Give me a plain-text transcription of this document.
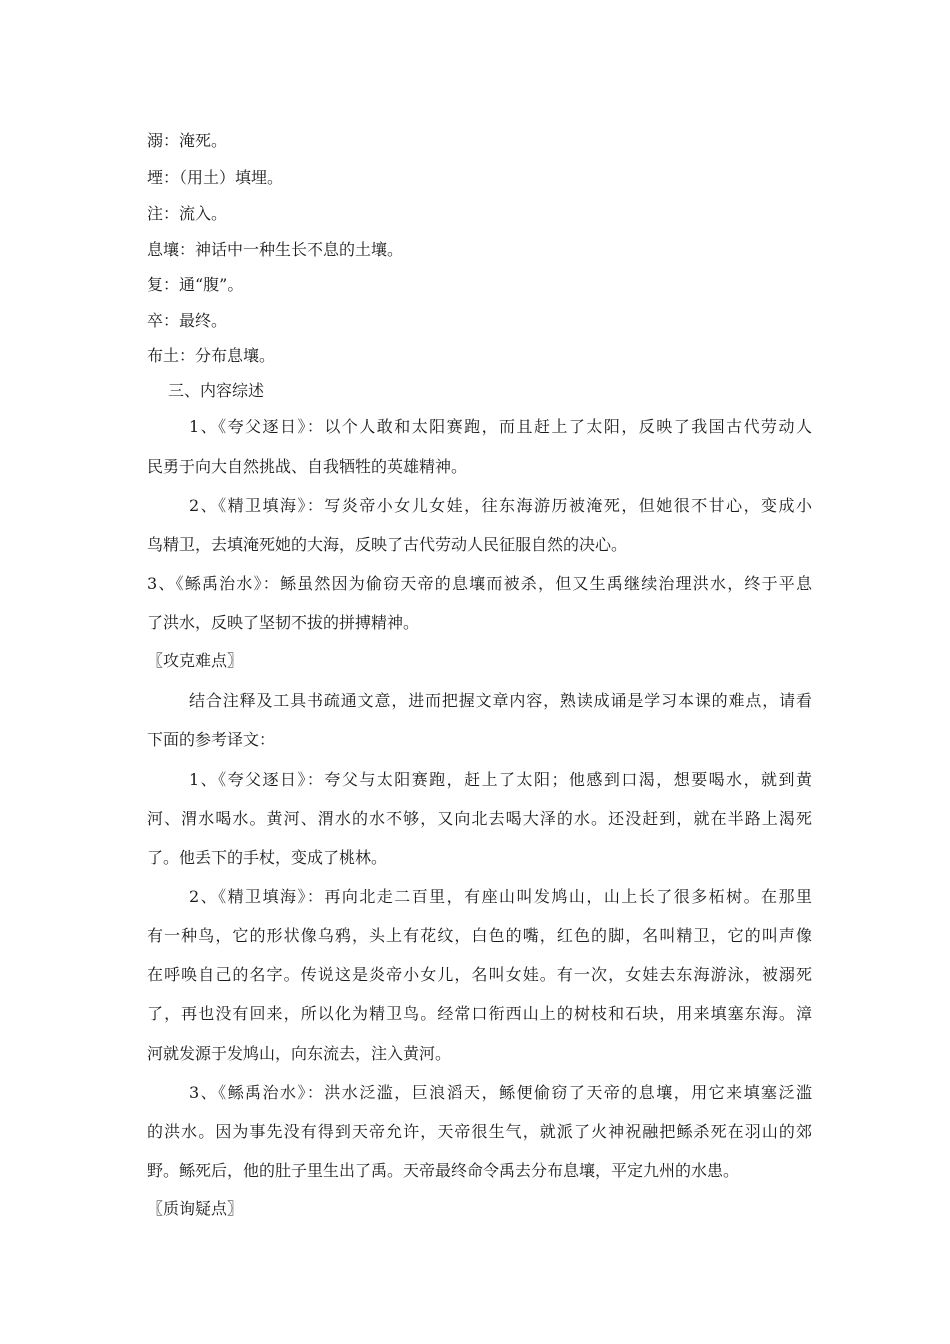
溺：淹死。
堙：（用土）填埋。
注：流入。
息壤：神话中一种生长不息的土壤。
复：通“腹”。
卒：最终。
布土：分布息壤。
三、内容综述
1、《夸父逐日》：以个人敢和太阳赛跑，而且赶上了太阳，反映了我国古代劳动人
民勇于向大自然挑战、自我牺牲的英雄精神。
2、《精卫填海》：写炎帝小女儿女娃，往东海游历被淹死，但她很不甘心，变成小
鸟精卫，去填淹死她的大海，反映了古代劳动人民征服自然的决心。
3、《鲧禹治水》：鲧虽然因为偷窃天帝的息壤而被杀，但又生禹继续治理洪水，终于平息
了洪水，反映了坚韧不拔的拼搏精神。
〖攻克难点〗
结合注释及工具书疏通文意，进而把握文章内容，熟读成诵是学习本课的难点，请看
下面的参考译文：
1、《夸父逐日》：夸父与太阳赛跑，赶上了太阳；他感到口渴，想要喝水，就到黄
河、渭水喝水。黄河、渭水的水不够，又向北去喝大泽的水。还没赶到，就在半路上渴死
了。他丢下的手杖，变成了桃林。
2、《精卫填海》：再向北走二百里，有座山叫发鸠山，山上长了很多柘树。在那里
有一种鸟，它的形状像乌鸦，头上有花纹，白色的嘴，红色的脚，名叫精卫，它的叫声像
在呼唤自己的名字。传说这是炎帝小女儿，名叫女娃。有一次，女娃去东海游泳，被溺死
了，再也没有回来，所以化为精卫鸟。经常口衔西山上的树枝和石块，用来填塞东海。漳
河就发源于发鸠山，向东流去，注入黄河。
3、《鲧禹治水》：洪水泛滥，巨浪滔天，鲧便偷窃了天帝的息壤，用它来填塞泛滥
的洪水。因为事先没有得到天帝允许，天帝很生气，就派了火神祝融把鲧杀死在羽山的郊
野。鲧死后，他的肚子里生出了禹。天帝最终命令禹去分布息壤，平定九州的水患。
〖质询疑点〗
